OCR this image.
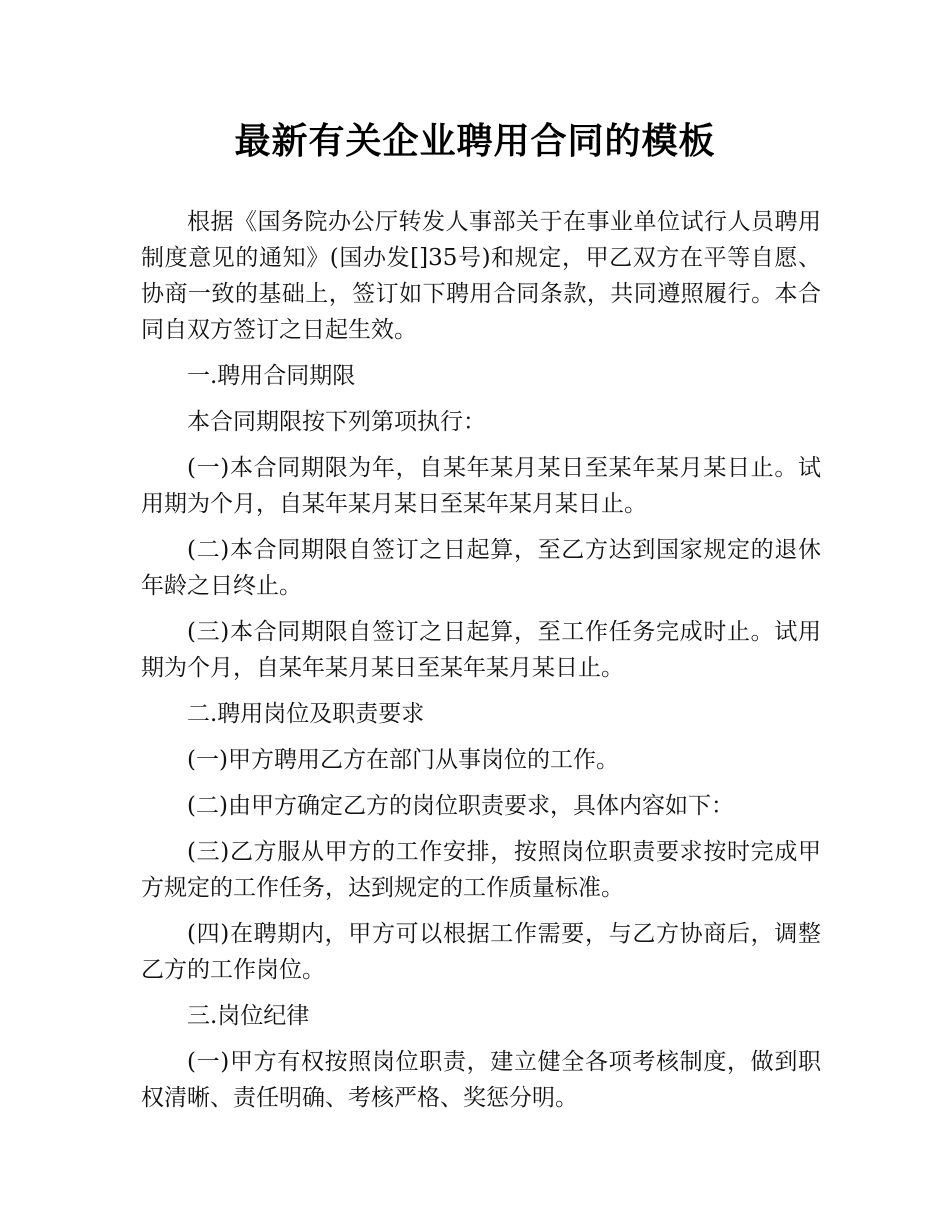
最新有关企业聘用合同的模板

根据《国务院办公厅转发人事部关于在事业单位试行人员聘用制度意见的通知》(国办发[]35号)和规定，甲乙双方在平等自愿、协商一致的基础上，签订如下聘用合同条款，共同遵照履行。本合同自双方签订之日起生效。

一.聘用合同期限

本合同期限按下列第项执行：

(一)本合同期限为年，自某年某月某日至某年某月某日止。试用期为个月，自某年某月某日至某年某月某日止。

(二)本合同期限自签订之日起算，至乙方达到国家规定的退休年龄之日终止。

(三)本合同期限自签订之日起算，至工作任务完成时止。试用期为个月，自某年某月某日至某年某月某日止。

二.聘用岗位及职责要求

(一)甲方聘用乙方在部门从事岗位的工作。

(二)由甲方确定乙方的岗位职责要求，具体内容如下：

(三)乙方服从甲方的工作安排，按照岗位职责要求按时完成甲方规定的工作任务，达到规定的工作质量标准。

(四)在聘期内，甲方可以根据工作需要，与乙方协商后，调整乙方的工作岗位。

三.岗位纪律

(一)甲方有权按照岗位职责，建立健全各项考核制度，做到职权清晰、责任明确、考核严格、奖惩分明。
